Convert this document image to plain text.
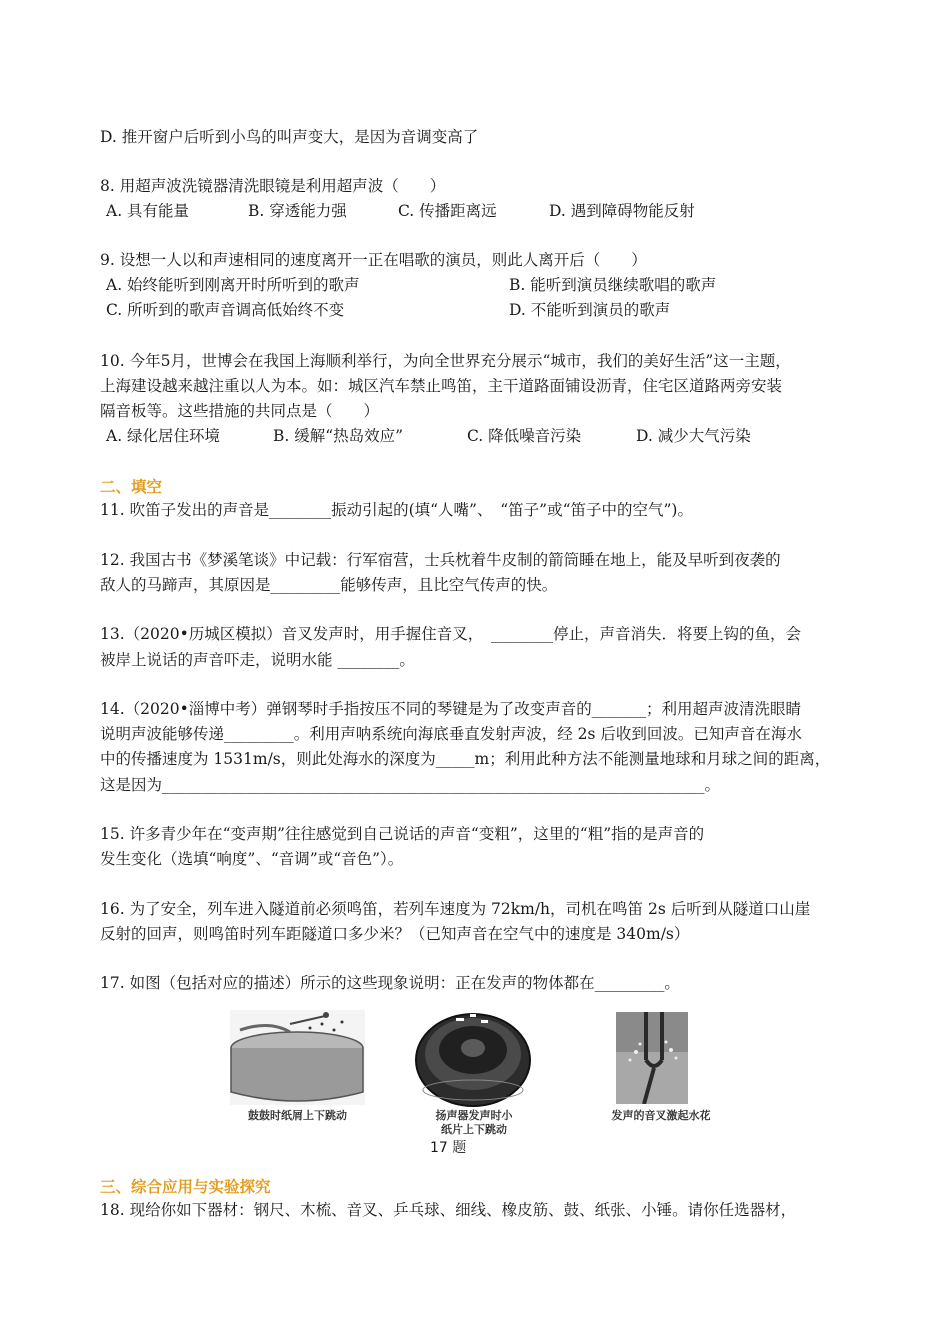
D. 推开窗户后听到小鸟的叫声变大，是因为音调变高了
8. 用超声波洗镜器清洗眼镜是利用超声波（　　）
A. 具有能量	B. 穿透能力强	C. 传播距离远	D. 遇到障碍物能反射
9. 设想一人以和声速相同的速度离开一正在唱歌的演员，则此人离开后（　　）
A. 始终能听到刚离开时所听到的歌声	B. 能听到演员继续歌唱的歌声
C. 所听到的歌声音调高低始终不变	D. 不能听到演员的歌声
10. 今年5月，世博会在我国上海顺利举行，为向全世界充分展示“城市，我们的美好生活”这一主题，
上海建设越来越注重以人为本。如：城区汽车禁止鸣笛，主干道路面铺设沥青，住宅区道路两旁安装
隔音板等。这些措施的共同点是（　　）
A. 绿化居住环境	B. 缓解“热岛效应”	C. 降低噪音污染	D. 减少大气污染
二、填空
11. 吹笛子发出的声音是________振动引起的(填“人嘴”、　“笛子”或“笛子中的空气”)。
12. 我国古书《梦溪笔谈》中记载：行军宿营，士兵枕着牛皮制的箭筒睡在地上，能及早听到夜袭的
敌人的马蹄声，其原因是_________能够传声，且比空气传声的快。
13.（2020•历城区模拟）音叉发声时，用手握住音叉，　________停止，声音消失．将要上钩的鱼，会
被岸上说话的声音吓走，说明水能 ________。
14.（2020•淄博中考）弹钢琴时手指按压不同的琴键是为了改变声音的_______；利用超声波清洗眼睛
说明声波能够传递_________。利用声呐系统向海底垂直发射声波，经 2s 后收到回波。已知声音在海水
中的传播速度为 1531m/s，则此处海水的深度为_____m；利用此种方法不能测量地球和月球之间的距离，
这是因为______________________________________________________________________。
15. 许多青少年在“变声期”往往感觉到自己说话的声音“变粗”，这里的“粗”指的是声音的
发生变化（选填“响度”、“音调”或“音色”）。
16. 为了安全，列车进入隧道前必须鸣笛，若列车速度为 72km/h，司机在鸣笛 2s 后听到从隧道口山崖
反射的回声，则鸣笛时列车距隧道口多少米？（已知声音在空气中的速度是 340m/s）
17. 如图（包括对应的描述）所示的这些现象说明：正在发声的物体都在_________。
鼓鼓时纸屑上下跳动	扬声器发声时小
纸片上下跳动
发声的音叉激起水花
17 题
三、综合应用与实验探究
18. 现给你如下器材：钢尺、木梳、音叉、乒乓球、细线、橡皮筋、鼓、纸张、小锤。请你任选器材，
